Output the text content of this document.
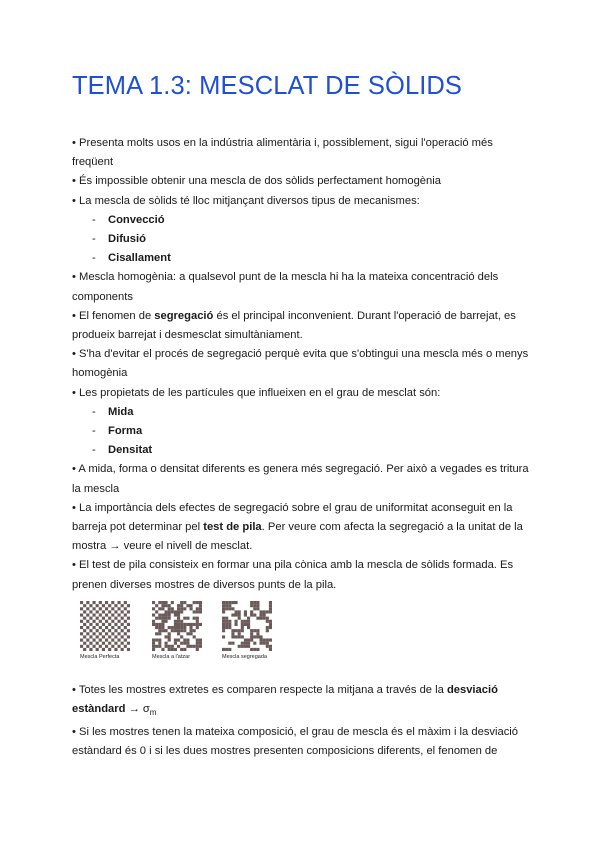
TEMA 1.3: MESCLAT DE SÒLIDS

• Presenta molts usos en la indústria alimentària i, possiblement, sigui l'operació més freqüent

• És impossible obtenir una mescla de dos sòlids perfectament homogènia

• La mescla de sòlids té lloc mitjançant diversos tipus de mecanismes:

- Convecció

- Difusió

- Cisallament

• Mescla homogènia: a qualsevol punt de la mescla hi ha la mateixa concentració dels components

• El fenomen de segregació és el principal inconvenient. Durant l'operació de barrejat, es produeix barrejat i desmesclat simultàniament.

• S'ha d'evitar el procés de segregació perquè evita que s'obtingui una mescla més o menys homogènia

• Les propietats de les partícules que influeixen en el grau de mesclat són:

- Mida

- Forma

- Densitat

• A mida, forma o densitat diferents es genera més segregació. Per això a vegades es tritura la mescla

• La importància dels efectes de segregació sobre el grau de uniformitat aconseguit en la barreja pot determinar pel test de pila. Per veure com afecta la segregació a la unitat de la mostra → veure el nivell de mesclat.

• El test de pila consisteix en formar una pila cònica amb la mescla de sòlids formada. Es prenen diverses mostres de diversos punts de la pila.

Mescla Perfecta	Mescla a l'atzar	Mescla segregada

• Totes les mostres extretes es comparen respecte la mitjana a través de la desviació estàndard → $\sigma_m$

• Si les mostres tenen la mateixa composició, el grau de mescla és el màxim i la desviació estàndard és 0 i si les dues mostres presenten composicions diferents, el fenomen de
